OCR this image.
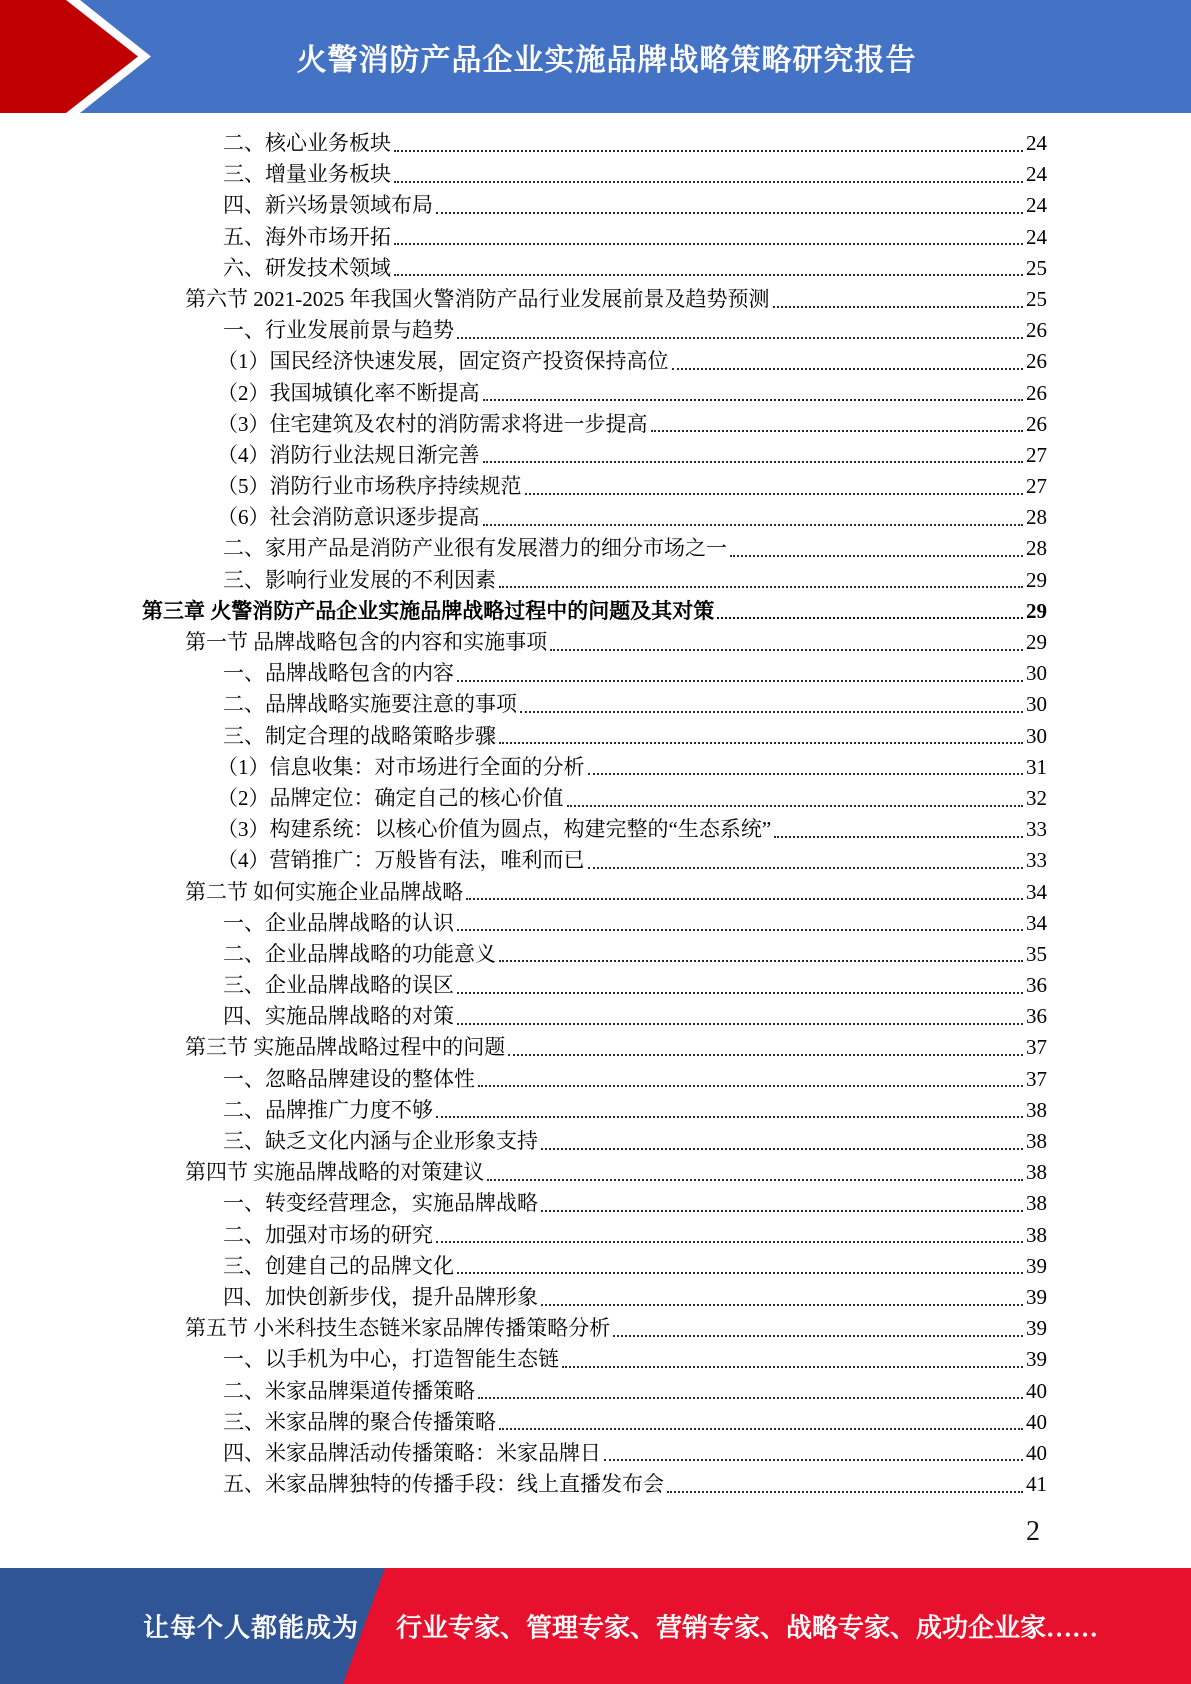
火警消防产品企业实施品牌战略策略研究报告
二、核心业务板块	24
三、增量业务板块	24
四、新兴场景领域布局	24
五、海外市场开拓	24
六、研发技术领域	25
第六节 2021-2025 年我国火警消防产品行业发展前景及趋势预测	25
一、行业发展前景与趋势	26
（1）国民经济快速发展，固定资产投资保持高位	26
（2）我国城镇化率不断提高	26
（3）住宅建筑及农村的消防需求将进一步提高	26
（4）消防行业法规日渐完善	27
（5）消防行业市场秩序持续规范	27
（6）社会消防意识逐步提高	28
二、家用产品是消防产业很有发展潜力的细分市场之一	28
三、影响行业发展的不利因素	29
第三章 火警消防产品企业实施品牌战略过程中的问题及其对策	29
第一节 品牌战略包含的内容和实施事项	29
一、品牌战略包含的内容	30
二、品牌战略实施要注意的事项	30
三、制定合理的战略策略步骤	30
（1）信息收集：对市场进行全面的分析	31
（2）品牌定位：确定自己的核心价值	32
（3）构建系统：以核心价值为圆点，构建完整的“生态系统”	33
（4）营销推广：万般皆有法，唯利而已	33
第二节 如何实施企业品牌战略	34
一、企业品牌战略的认识	34
二、企业品牌战略的功能意义	35
三、企业品牌战略的误区	36
四、实施品牌战略的对策	36
第三节 实施品牌战略过程中的问题	37
一、忽略品牌建设的整体性	37
二、品牌推广力度不够	38
三、缺乏文化内涵与企业形象支持	38
第四节 实施品牌战略的对策建议	38
一、转变经营理念，实施品牌战略	38
二、加强对市场的研究	38
三、创建自己的品牌文化	39
四、加快创新步伐，提升品牌形象	39
第五节 小米科技生态链米家品牌传播策略分析	39
一、以手机为中心，打造智能生态链	39
二、米家品牌渠道传播策略	40
三、米家品牌的聚合传播策略	40
四、米家品牌活动传播策略：米家品牌日	40
五、米家品牌独特的传播手段：线上直播发布会	41
2
让每个人都能成为 行业专家、管理专家、营销专家、战略专家、成功企业家……
